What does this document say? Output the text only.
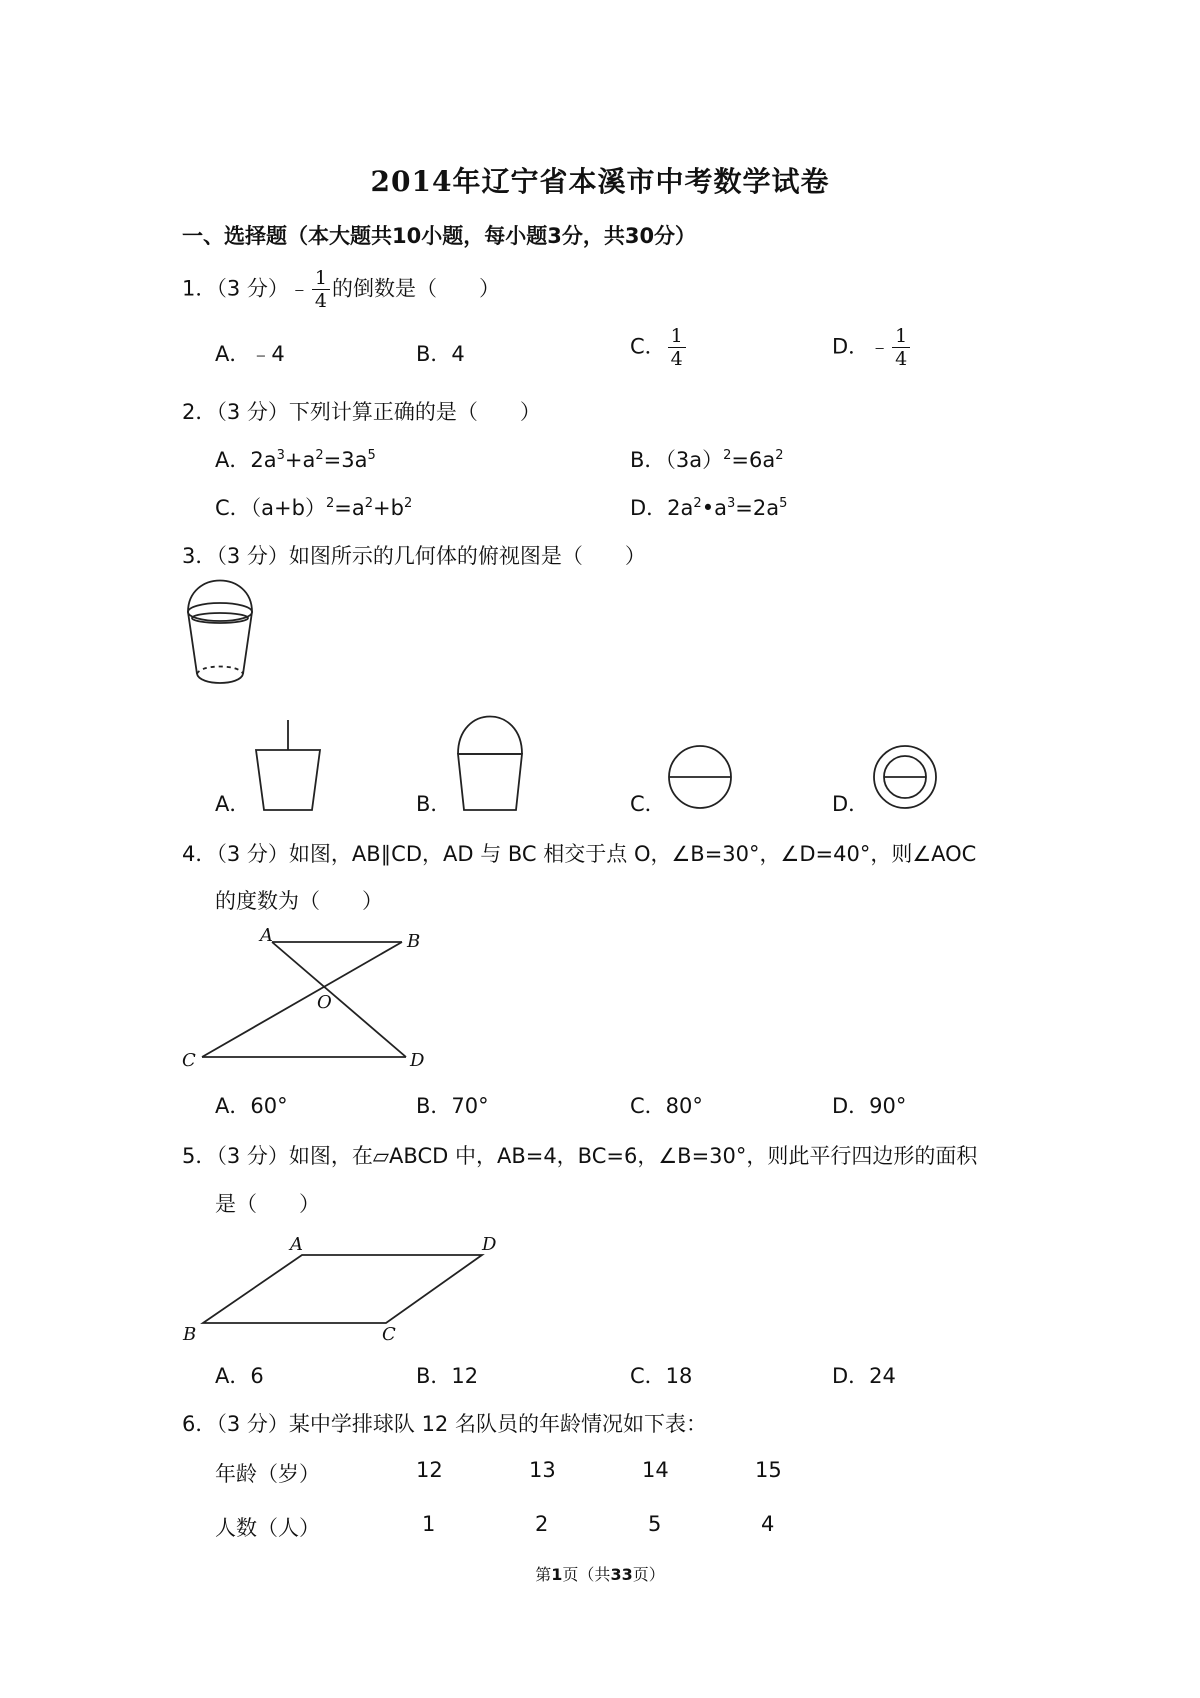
2014年辽宁省本溪市中考数学试卷
一、选择题（本大题共10小题，每小题3分，共30分）
1．（3 分）﹣ $\frac{1}{4}$ 的倒数是（　　）
A．﹣4	B．4	C． $\frac{1}{4}$	D．﹣ $\frac{1}{4}$
2．（3 分）下列计算正确的是（　　）
A．$2a^3+a^2=3a^5$	B．$(3a)^2=6a^2$
C．$(a+b)^2=a^2+b^2$	D．$2a^2•a^3=2a^5$
3．（3 分）如图所示的几何体的俯视图是（　　）
A．	B．	C．	D．
4．（3 分）如图，AB∥CD，AD 与 BC 相交于点 O，∠B=30°，∠D=40°，则∠AOC
的度数为（　　）
A	B
O
C	D
A．60°	B．70°	C．80°	D．90°
5．（3 分）如图，在▱ABCD 中，AB=4，BC=6，∠B=30°，则此平行四边形的面积
是（　　）
A	D
B	C
A．6	B．12	C．18	D．24
6．（3 分）某中学排球队 12 名队员的年龄情况如下表：
年龄（岁）	12	13	14	15
人数（人）	1	2	5	4
第1页（共33页）
